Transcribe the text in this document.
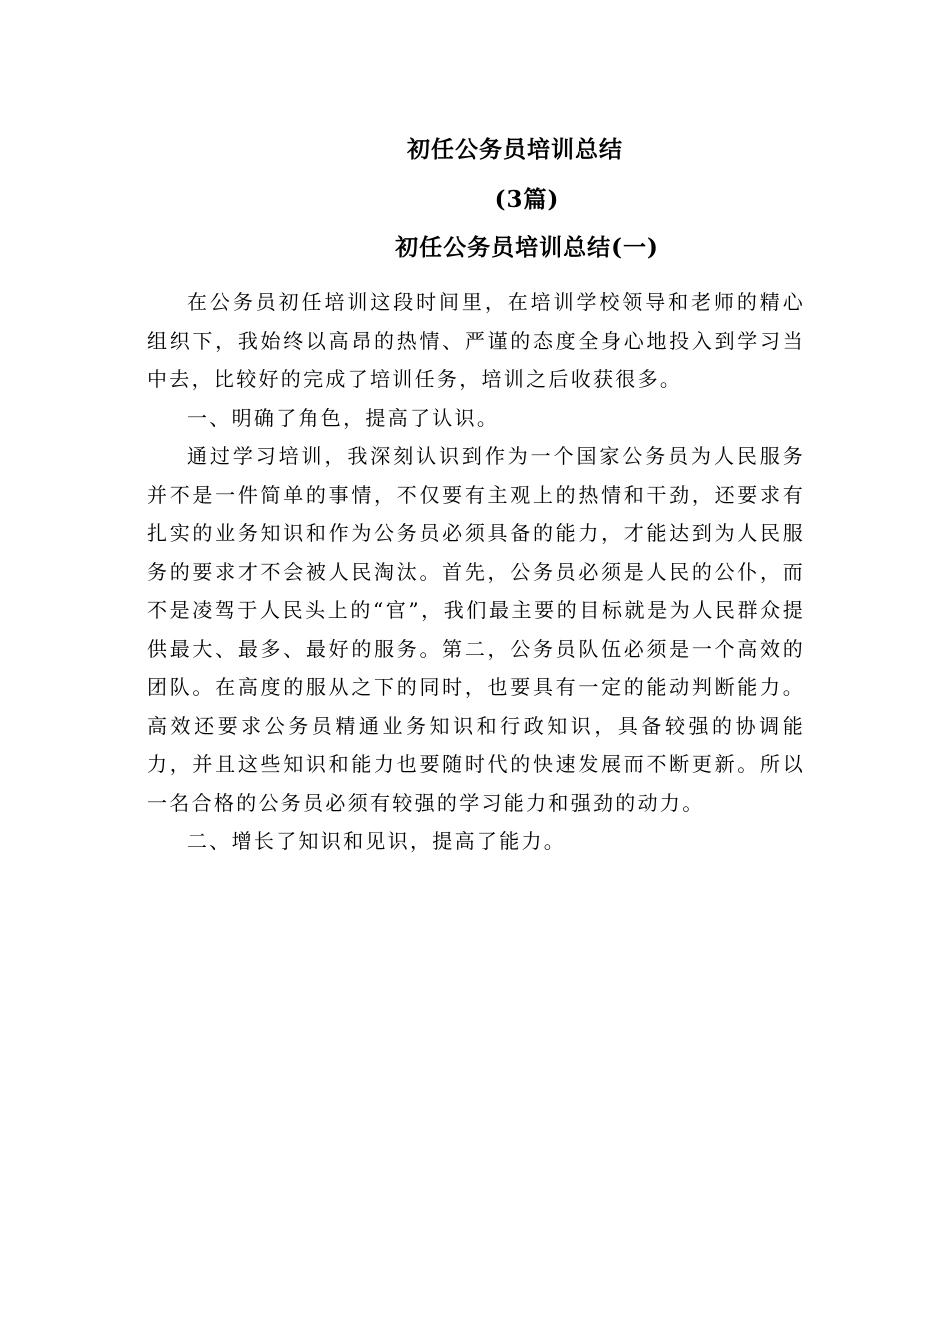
初任公务员培训总结
(3篇)
初任公务员培训总结(一)

在公务员初任培训这段时间里，在培训学校领导和老师的精心组织下，我始终以高昂的热情、严谨的态度全身心地投入到学习当中去，比较好的完成了培训任务，培训之后收获很多。

一、明确了角色，提高了认识。

通过学习培训，我深刻认识到作为一个国家公务员为人民服务并不是一件简单的事情，不仅要有主观上的热情和干劲，还要求有扎实的业务知识和作为公务员必须具备的能力，才能达到为人民服务的要求才不会被人民淘汰。首先，公务员必须是人民的公仆，而不是凌驾于人民头上的“官”，我们最主要的目标就是为人民群众提供最大、最多、最好的服务。第二，公务员队伍必须是一个高效的团队。在高度的服从之下的同时，也要具有一定的能动判断能力。高效还要求公务员精通业务知识和行政知识，具备较强的协调能力，并且这些知识和能力也要随时代的快速发展而不断更新。所以一名合格的公务员必须有较强的学习能力和强劲的动力。

二、增长了知识和见识，提高了能力。
